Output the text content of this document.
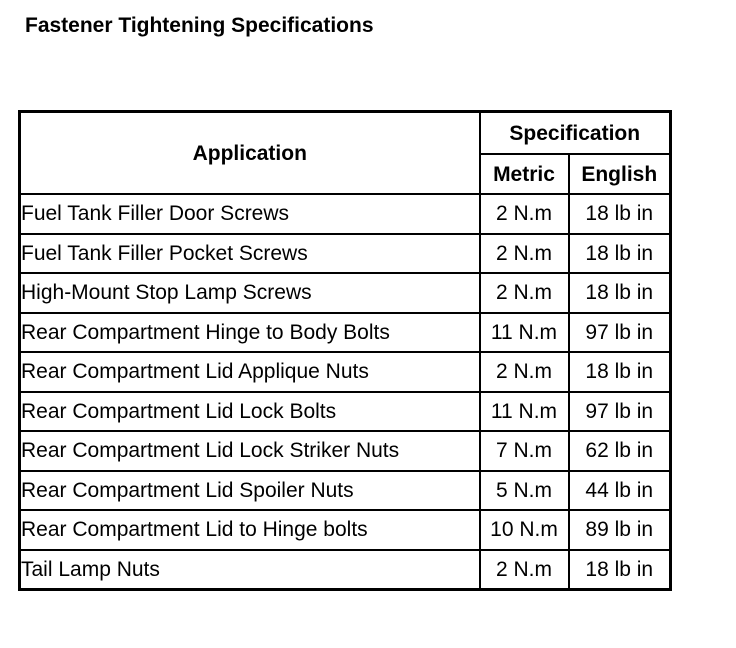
Fastener Tightening Specifications
Application	Specification	
	Metric	English
Fuel Tank Filler Door Screws	2 N.m	18 lb in
Fuel Tank Filler Pocket Screws	2 N.m	18 lb in
High-Mount Stop Lamp Screws	2 N.m	18 lb in
Rear Compartment Hinge to Body Bolts	11 N.m	97 lb in
Rear Compartment Lid Applique Nuts	2 N.m	18 lb in
Rear Compartment Lid Lock Bolts	11 N.m	97 lb in
Rear Compartment Lid Lock Striker Nuts	7 N.m	62 lb in
Rear Compartment Lid Spoiler Nuts	5 N.m	44 lb in
Rear Compartment Lid to Hinge bolts	10 N.m	89 lb in
Tail Lamp Nuts	2 N.m	18 lb in
